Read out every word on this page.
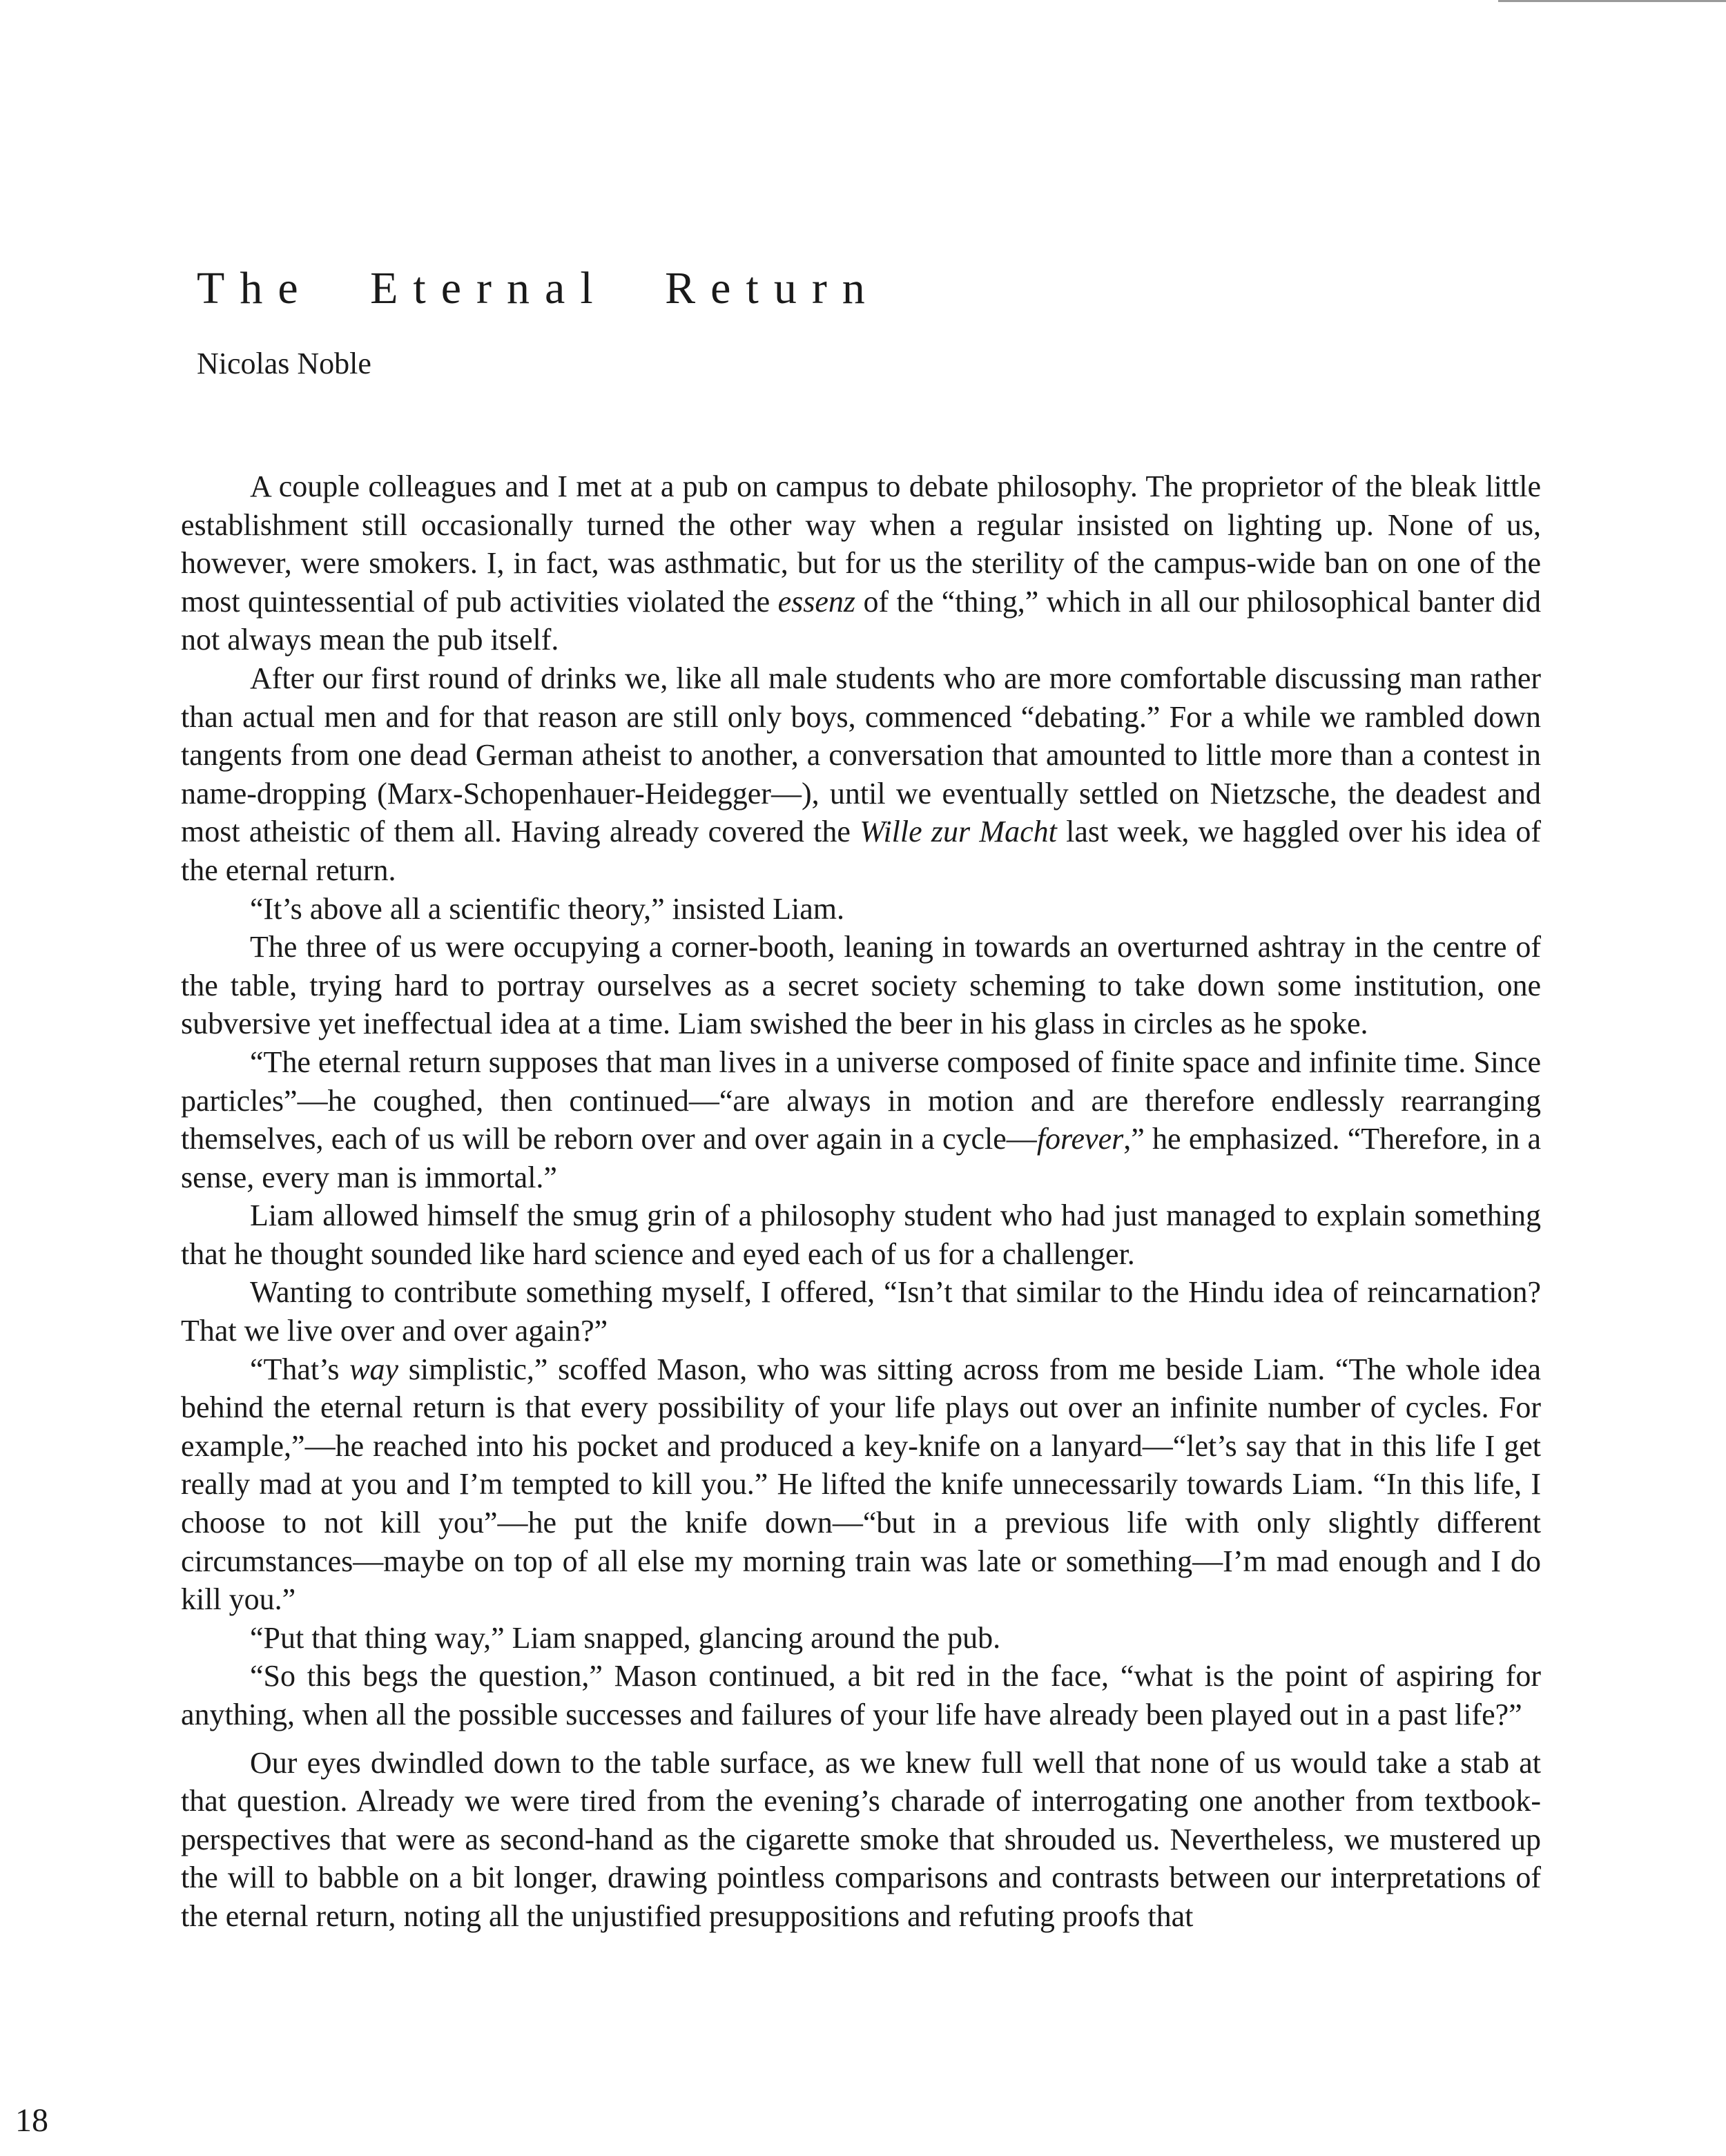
The Eternal Return
Nicolas Noble

A couple colleagues and I met at a pub on campus to debate philosophy. The proprietor of the bleak little establishment still occasionally turned the other way when a regular insisted on lighting up. None of us, however, were smokers. I, in fact, was asthmatic, but for us the sterility of the campus-wide ban on one of the most quintessential of pub activities violated the essenz of the “thing,” which in all our philosophical banter did not always mean the pub itself.

After our first round of drinks we, like all male students who are more comfortable discussing man rather than actual men and for that reason are still only boys, commenced “debating.” For a while we rambled down tangents from one dead German atheist to another, a conversation that amounted to little more than a contest in name-dropping (Marx-Schopenhauer-Heidegger—), until we eventually settled on Nietzsche, the deadest and most atheistic of them all. Having already covered the Wille zur Macht last week, we haggled over his idea of the eternal return.

“It’s above all a scientific theory,” insisted Liam.

The three of us were occupying a corner-booth, leaning in towards an overturned ashtray in the centre of the table, trying hard to portray ourselves as a secret society scheming to take down some institution, one subversive yet ineffectual idea at a time. Liam swished the beer in his glass in circles as he spoke.

“The eternal return supposes that man lives in a universe composed of finite space and infinite time. Since particles”—he coughed, then continued—“are always in motion and are therefore endlessly rearranging themselves, each of us will be reborn over and over again in a cycle—forever,” he emphasized. “Therefore, in a sense, every man is immortal.”

Liam allowed himself the smug grin of a philosophy student who had just managed to explain something that he thought sounded like hard science and eyed each of us for a challenger.

Wanting to contribute something myself, I offered, “Isn’t that similar to the Hindu idea of reincarnation? That we live over and over again?”

“That’s way simplistic,” scoffed Mason, who was sitting across from me beside Liam. “The whole idea behind the eternal return is that every possibility of your life plays out over an infinite number of cycles. For example,”—he reached into his pocket and produced a key-knife on a lanyard—“let’s say that in this life I get really mad at you and I’m tempted to kill you.” He lifted the knife unnecessarily towards Liam. “In this life, I choose to not kill you”—he put the knife down—“but in a previous life with only slightly different circumstances—maybe on top of all else my morning train was late or something—I’m mad enough and I do kill you.”

“Put that thing way,” Liam snapped, glancing around the pub.

“So this begs the question,” Mason continued, a bit red in the face, “what is the point of aspiring for anything, when all the possible successes and failures of your life have already been played out in a past life?”

Our eyes dwindled down to the table surface, as we knew full well that none of us would take a stab at that question. Already we were tired from the evening’s charade of interrogating one another from textbook-perspectives that were as second-hand as the cigarette smoke that shrouded us. Nevertheless, we mustered up the will to babble on a bit longer, drawing pointless comparisons and contrasts between our interpretations of the eternal return, noting all the unjustified presuppositions and refuting proofs that

18
